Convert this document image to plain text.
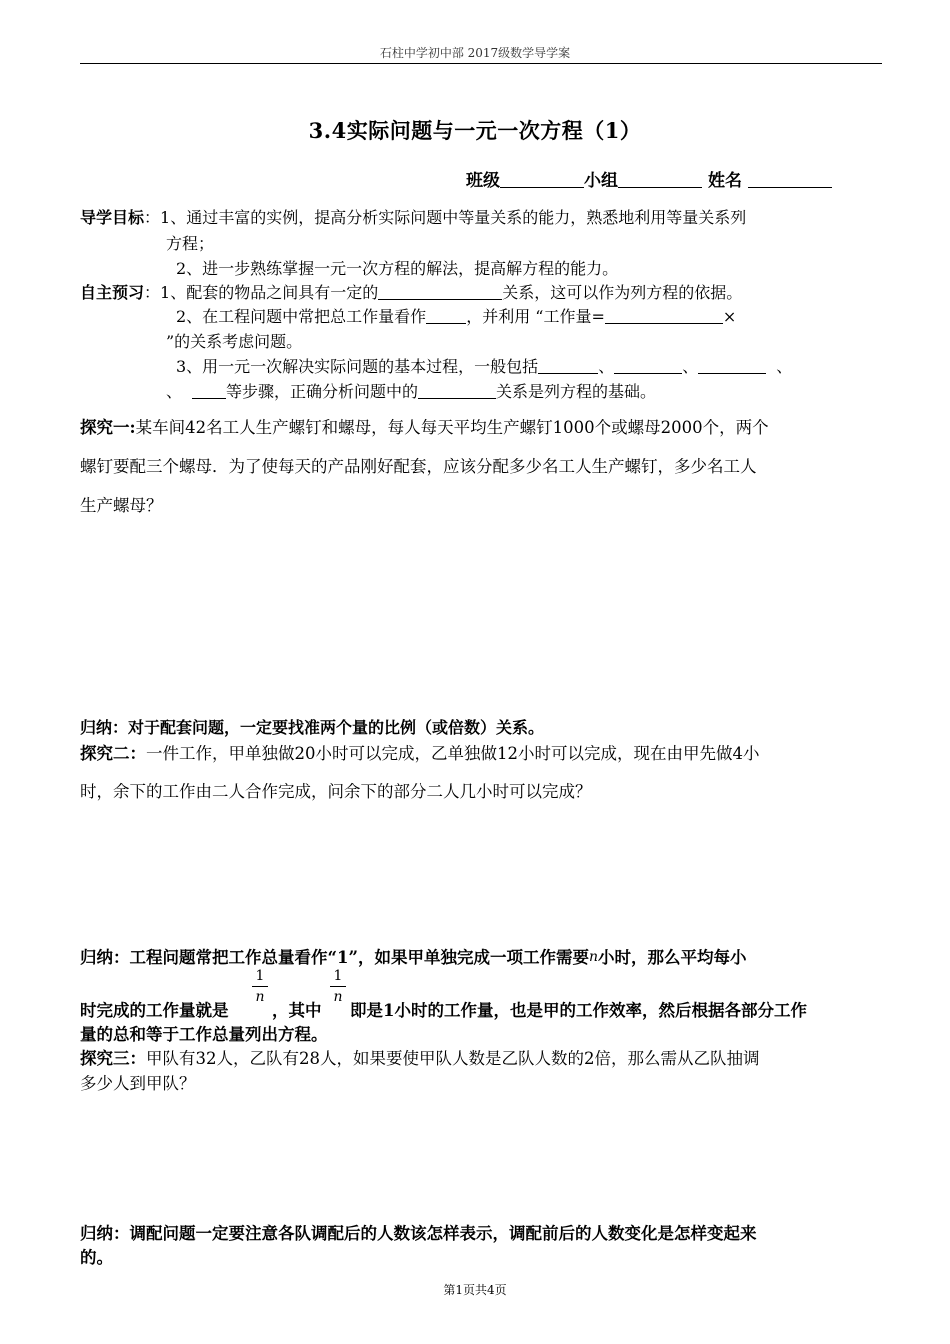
石柱中学初中部 2017级数学导学案
3.4实际问题与一元一次方程（1）
班级	小组	姓名
导学目标：1、通过丰富的实例，提高分析实际问题中等量关系的能力，熟悉地利用等量关系列
方程；
2、进一步熟练掌握一元一次方程的解法，提高解方程的能力。
自主预习：1、配套的物品之间具有一定的	关系，这可以作为列方程的依据。
2、在工程问题中常把总工作量看作	，并利用 “工作量=	×
”的关系考虑问题。
3、用一元一次解决实际问题的基本过程，一般包括	、	、	、
、	等步骤，正确分析问题中的	关系是列方程的基础。
探究一:某车间42名工人生产螺钉和螺母，每人每天平均生产螺钉1000个或螺母2000个，两个
螺钉要配三个螺母．为了使每天的产品刚好配套，应该分配多少名工人生产螺钉，多少名工人
生产螺母？
归纳：对于配套问题，一定要找准两个量的比例（或倍数）关系。
探究二：一件工作，甲单独做20小时可以完成，乙单独做12小时可以完成，现在由甲先做4小
时，余下的工作由二人合作完成，问余下的部分二人几小时可以完成？
归纳：工程问题常把工作总量看作“1”，如果甲单独完成一项工作需要n小时，那么平均每小
1
n
1
n
时完成的工作量就是	，其中 即是1小时的工作量，也是甲的工作效率，然后根据各部分工作
量的总和等于工作总量列出方程。
探究三：甲队有32人，乙队有28人，如果要使甲队人数是乙队人数的2倍，那么需从乙队抽调
多少人到甲队？
归纳：调配问题一定要注意各队调配后的人数该怎样表示，调配前后的人数变化是怎样变起来
的。
第1页共4页
